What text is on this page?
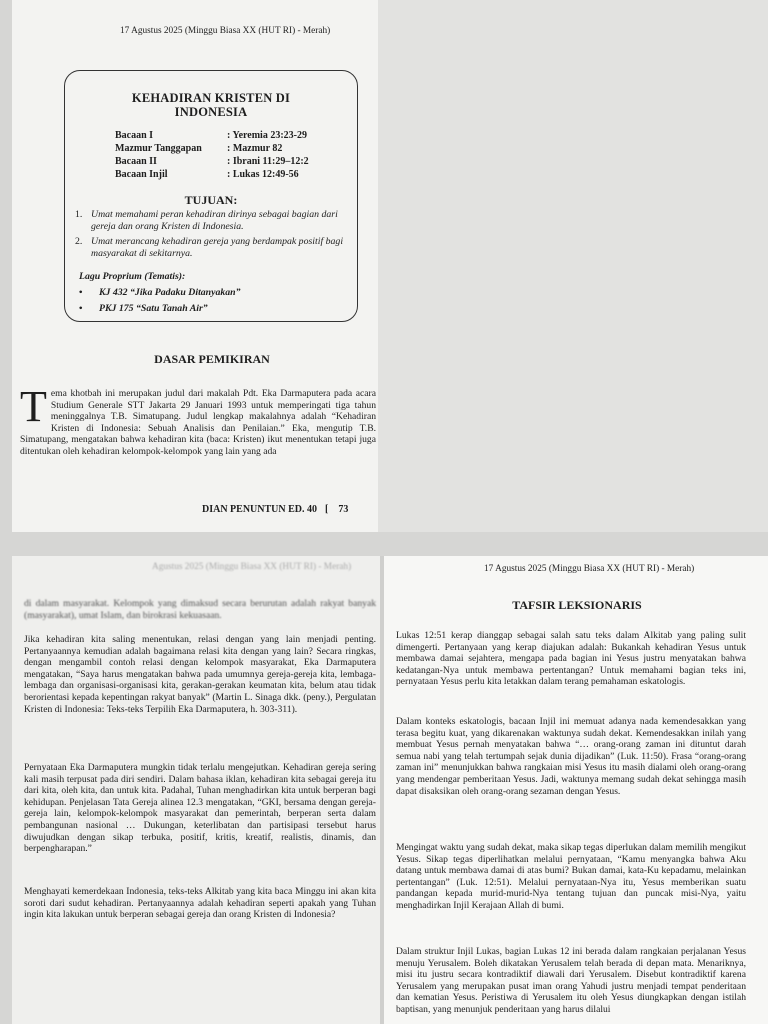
17 Agustus 2025 (Minggu Biasa XX (HUT RI) - Merah)
KEHADIRAN KRISTEN DI
INDONESIA
Bacaan I	: Yeremia 23:23-29
Mazmur Tanggapan	: Mazmur 82
Bacaan II	: Ibrani 11:29–12:2
Bacaan Injil	: Lukas 12:49-56
TUJUAN:
1. Umat memahami peran kehadiran dirinya sebagai bagian dari gereja dan orang Kristen di Indonesia.
2. Umat merancang kehadiran gereja yang berdampak positif bagi masyarakat di sekitarnya.
Lagu Proprium (Tematis):
• KJ 432 “Jika Padaku Ditanyakan”
• PKJ 175 “Satu Tanah Air”
DASAR PEMIKIRAN
Tema khotbah ini merupakan judul dari makalah Pdt. Eka Darmaputera pada acara Studium Generale STT Jakarta 29 Januari 1993 untuk memperingati tiga tahun meninggalnya T.B. Simatupang. Judul lengkap makalahnya adalah “Kehadiran Kristen di Indonesia: Sebuah Analisis dan Penilaian.” Eka, mengutip T.B. Simatupang, mengatakan bahwa kehadiran kita (baca: Kristen) ikut menentukan tetapi juga ditentukan oleh kehadiran kelompok-kelompok yang lain yang ada
DIAN PENUNTUN ED. 40 [ 73
Agustus 2025 (Minggu Biasa XX (HUT RI) - Merah)

di dalam masyarakat. Kelompok yang dimaksud secara berurutan adalah rakyat banyak (masyarakat), umat Islam, dan birokrasi kekuasaan.

Jika kehadiran kita saling menentukan, relasi dengan yang lain menjadi penting. Pertanyaannya kemudian adalah bagaimana relasi kita dengan yang lain? Secara ringkas, dengan mengambil contoh relasi dengan kelompok masyarakat, Eka Darmaputera mengatakan, “Saya harus mengatakan bahwa pada umumnya gereja-gereja kita, lembaga-lembaga dan organisasi-organisasi kita, gerakan-gerakan keumatan kita, belum atau tidak berorientasi kepada kepentingan rakyat banyak” (Martin L. Sinaga dkk. (peny.), Pergulatan Kristen di Indonesia: Teks-teks Terpilih Eka Darmaputera, h. 303-311).

Pernyataan Eka Darmaputera mungkin tidak terlalu mengejutkan. Kehadiran gereja sering kali masih terpusat pada diri sendiri. Dalam bahasa iklan, kehadiran kita sebagai gereja itu dari kita, oleh kita, dan untuk kita. Padahal, Tuhan menghadirkan kita untuk berperan bagi kehidupan. Penjelasan Tata Gereja alinea 12.3 mengatakan, “GKI, bersama dengan gereja-gereja lain, kelompok-kelompok masyarakat dan pemerintah, berperan serta dalam pembangunan nasional … Dukungan, keterlibatan dan partisipasi tersebut harus diwujudkan dengan sikap terbuka, positif, kritis, kreatif, realistis, dinamis, dan berpengharapan.”

Menghayati kemerdekaan Indonesia, teks-teks Alkitab yang kita baca Minggu ini akan kita soroti dari sudut kehadiran. Pertanyaannya adalah kehadiran seperti apakah yang Tuhan ingin kita lakukan untuk berperan sebagai gereja dan orang Kristen di Indonesia?

17 Agustus 2025 (Minggu Biasa XX (HUT RI) - Merah)
TAFSIR LEKSIONARIS

Lukas 12:51 kerap dianggap sebagai salah satu teks dalam Alkitab yang paling sulit dimengerti. Pertanyaan yang kerap diajukan adalah: Bukankah kehadiran Yesus untuk membawa damai sejahtera, mengapa pada bagian ini Yesus justru menyatakan bahwa kedatangan-Nya untuk membawa pertentangan? Untuk memahami bagian teks ini, pernyataan Yesus perlu kita letakkan dalam terang pemahaman eskatologis.

Dalam konteks eskatologis, bacaan Injil ini memuat adanya nada kemendesakkan yang terasa begitu kuat, yang dikarenakan waktunya sudah dekat. Kemendesakkan inilah yang membuat Yesus pernah menyatakan bahwa “… orang-orang zaman ini dituntut darah semua nabi yang telah tertumpah sejak dunia dijadikan” (Luk. 11:50). Frasa “orang-orang zaman ini” menunjukkan bahwa rangkaian misi Yesus itu masih dialami oleh orang-orang yang mendengar pemberitaan Yesus. Jadi, waktunya memang sudah dekat sehingga masih dapat disaksikan oleh orang-orang sezaman dengan Yesus.

Mengingat waktu yang sudah dekat, maka sikap tegas diperlukan dalam memilih mengikut Yesus. Sikap tegas diperlihatkan melalui pernyataan, “Kamu menyangka bahwa Aku datang untuk membawa damai di atas bumi? Bukan damai, kata-Ku kepadamu, melainkan pertentangan” (Luk. 12:51). Melalui pernyataan-Nya itu, Yesus memberikan suatu pandangan kepada murid-murid-Nya tentang tujuan dan puncak misi-Nya, yaitu menghadirkan Injil Kerajaan Allah di bumi.

Dalam struktur Injil Lukas, bagian Lukas 12 ini berada dalam rangkaian perjalanan Yesus menuju Yerusalem. Boleh dikatakan Yerusalem telah berada di depan mata. Menariknya, misi itu justru secara kontradiktif diawali dari Yerusalem. Disebut kontradiktif karena Yerusalem yang merupakan pusat iman orang Yahudi justru menjadi tempat penderitaan dan kematian Yesus. Peristiwa di Yerusalem itu oleh Yesus diungkapkan dengan istilah baptisan, yang menunjuk penderitaan yang harus dilalui
